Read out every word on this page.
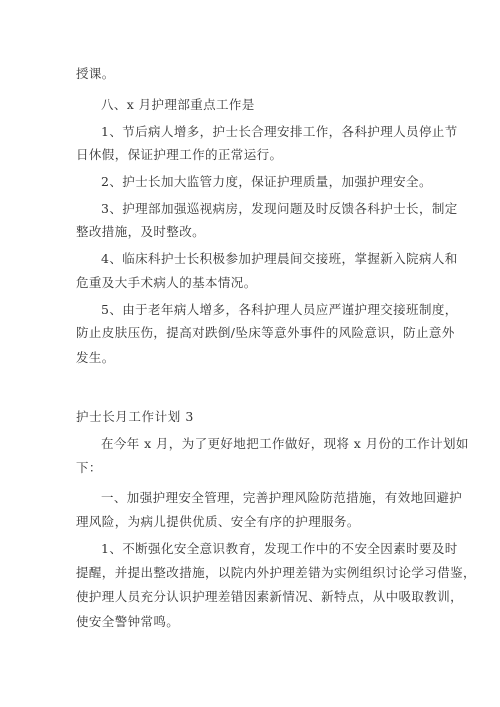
授课。
八、x 月护理部重点工作是
1、节后病人增多，护士长合理安排工作，各科护理人员停止节
日休假，保证护理工作的正常运行。
2、护士长加大监管力度，保证护理质量，加强护理安全。
3、护理部加强巡视病房，发现问题及时反馈各科护士长，制定
整改措施，及时整改。
4、临床科护士长积极参加护理晨间交接班，掌握新入院病人和
危重及大手术病人的基本情况。
5、由于老年病人增多，各科护理人员应严谨护理交接班制度，
防止皮肤压伤，提高对跌倒/坠床等意外事件的风险意识，防止意外
发生。
护士长月工作计划 3
在今年 x 月，为了更好地把工作做好，现将 x 月份的工作计划如
下：
一、加强护理安全管理，完善护理风险防范措施，有效地回避护
理风险，为病儿提供优质、安全有序的护理服务。
1、不断强化安全意识教育，发现工作中的不安全因素时要及时
提醒，并提出整改措施，以院内外护理差错为实例组织讨论学习借鉴，
使护理人员充分认识护理差错因素新情况、新特点，从中吸取教训，
使安全警钟常鸣。
